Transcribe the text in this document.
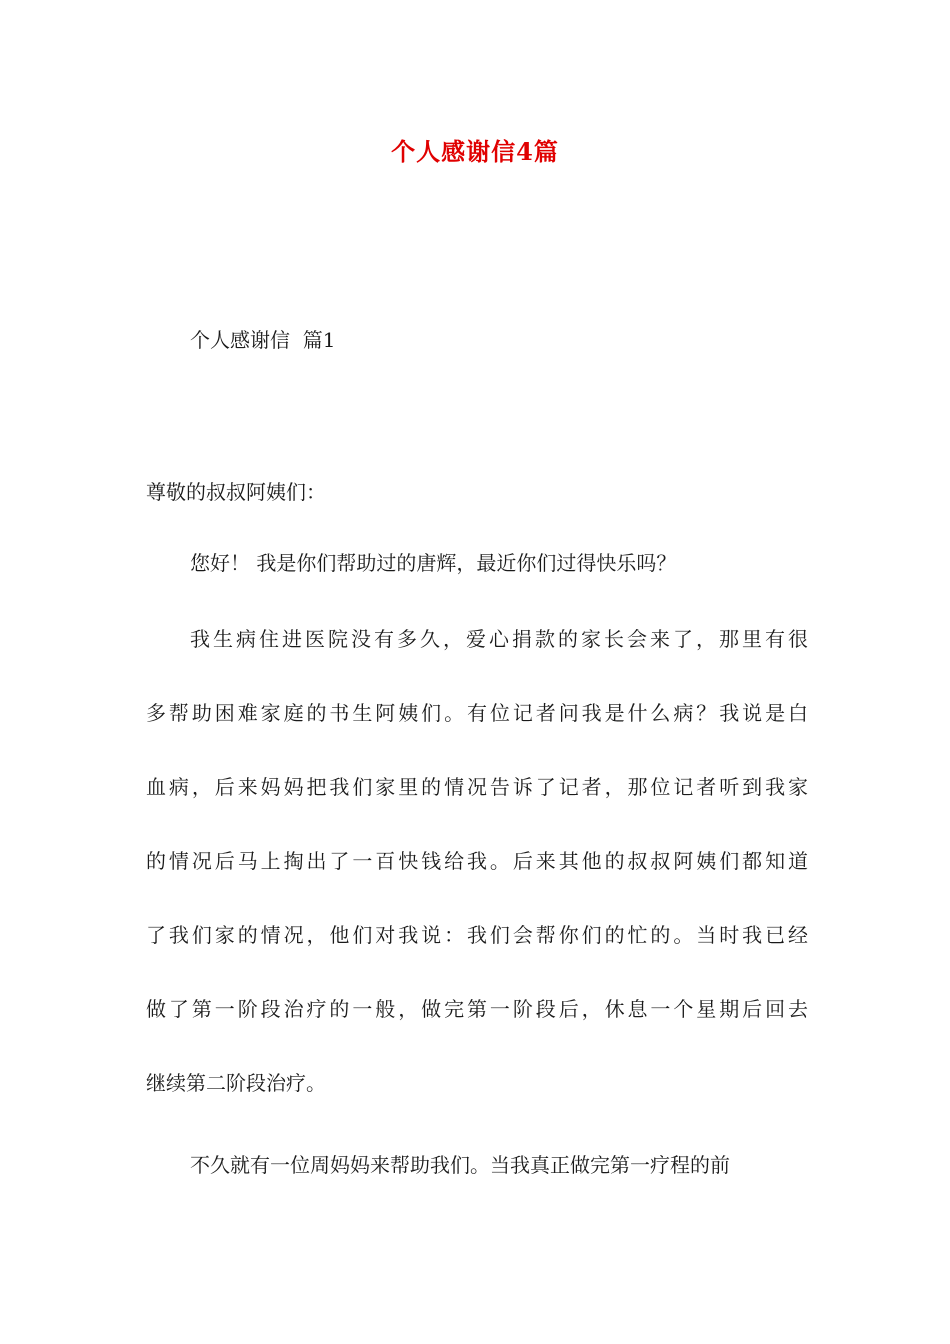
个人感谢信4篇
个人感谢信  篇1
尊敬的叔叔阿姨们：
您好！ 我是你们帮助过的唐辉，最近你们过得快乐吗？
我生病住进医院没有多久，爱心捐款的家长会来了，那里有很
多帮助困难家庭的书生阿姨们。有位记者问我是什么病？我说是白
血病，后来妈妈把我们家里的情况告诉了记者，那位记者听到我家
的情况后马上掏出了一百快钱给我。后来其他的叔叔阿姨们都知道
了我们家的情况，他们对我说：我们会帮你们的忙的。当时我已经
做了第一阶段治疗的一般，做完第一阶段后，休息一个星期后回去
继续第二阶段治疗。
不久就有一位周妈妈来帮助我们。当我真正做完第一疗程的前
